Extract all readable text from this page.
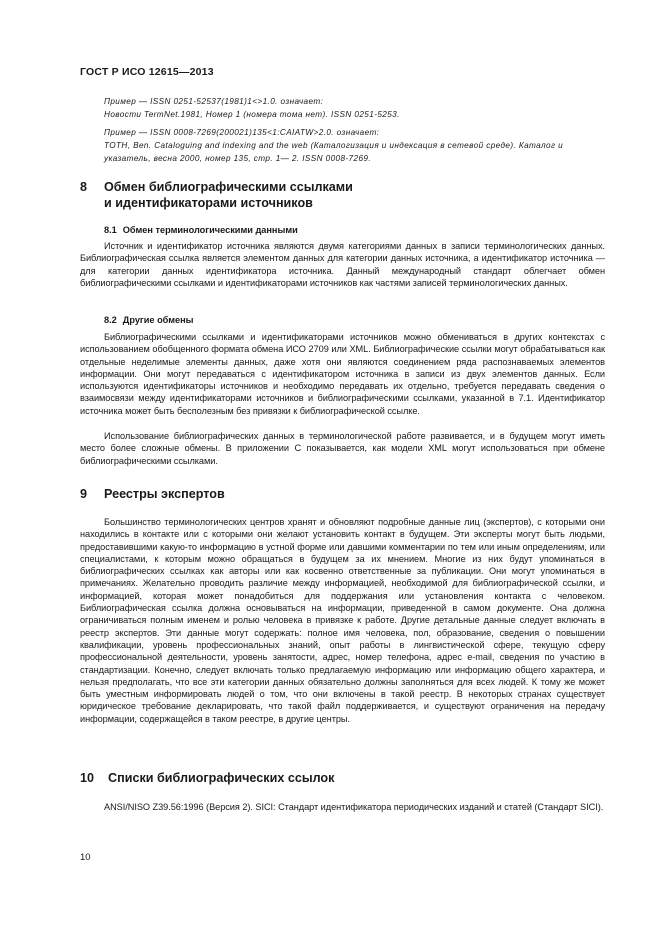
ГОСТ Р ИСО 12615—2013

Пример — ISSN 0251-52537(1981)1<>1.0. означает:

Новости TermNet.1981, Номер 1 (номера тома нет). ISSN 0251-5253.

Пример — ISSN 0008-7269(200021)135<1:CAIATW>2.0. означает:

TOTH, Ben. Cataloguing and indexing and the web (Каталогизация и индексация в сетевой среде). Каталог и указатель, весна 2000, номер 135, стр. 1— 2. ISSN 0008-7269.

8 Обмен библиографическими ссылками
и идентификаторами источников
8.1 Обмен терминологическими данными

Источник и идентификатор источника являются двумя категориями данных в записи терминологических данных. Библиографическая ссылка является элементом данных для категории данных источника, а идентификатор источника — для категории данных идентификатора источника. Данный международный стандарт облегчает обмен библиографическими ссылками и идентификаторами источников как частями записей терминологических данных.

8.2 Другие обмены

Библиографическими ссылками и идентификаторами источников можно обмениваться в других контекстах с использованием обобщенного формата обмена ИСО 2709 или XML. Библиографические ссылки могут обрабатываться как отдельные неделимые элементы данных, даже хотя они являются соединением ряда распознаваемых элементов информации. Они могут передаваться с идентификатором источника в записи из двух элементов данных. Если используются идентификаторы источников и необходимо передавать их отдельно, требуется передавать сведения о взаимосвязи между идентификаторами источников и библиографическими ссылками, указанной в 7.1. Идентификатор источника может быть бесполезным без привязки к библиографической ссылке.

Использование библиографических данных в терминологической работе развивается, и в будущем могут иметь место более сложные обмены. В приложении С показывается, как модели XML могут использоваться при обмене библиографическими ссылками.

9 Реестры экспертов

Большинство терминологических центров хранят и обновляют подробные данные лиц (экспертов), с которыми они находились в контакте или с которыми они желают установить контакт в будущем. Эти эксперты могут быть людьми, предоставившими какую-то информацию в устной форме или давшими комментарии по тем или иным определениям, или специалистами, к которым можно обращаться в будущем за их мнением. Многие из них будут упоминаться в библиографических ссылках как авторы или как косвенно ответственные за публикации. Они могут упоминаться в примечаниях. Желательно проводить различие между информацией, необходимой для библиографической ссылки, и информацией, которая может понадобиться для поддержания или установления контакта с человеком. Библиографическая ссылка должна основываться на информации, приведенной в самом документе. Она должна ограничиваться полным именем и ролью человека в привязке к работе. Другие детальные данные следует включать в реестр экспертов. Эти данные могут содержать: полное имя человека, пол, образование, сведения о повышении квалификации, уровень профессиональных знаний, опыт работы в лингвистической сфере, текущую сферу профессиональной деятельности, уровень занятости, адрес, номер телефона, адрес e-mail, сведения по участию в стандартизации. Конечно, следует включать только предлагаемую информацию или информацию общего характера, и нельзя предполагать, что все эти категории данных обязательно должны заполняться для всех людей. К тому же может быть уместным информировать людей о том, что они включены в такой реестр. В некоторых странах существует юридическое требование декларировать, что такой файл поддерживается, и существуют ограничения на передачу информации, содержащейся в таком реестре, в другие центры.

10 Списки библиографических ссылок

ANSI/NISO Z39.56:1996 (Версия 2). SICI: Стандарт идентификатора периодических изданий и статей (Стандарт SICI).

10
